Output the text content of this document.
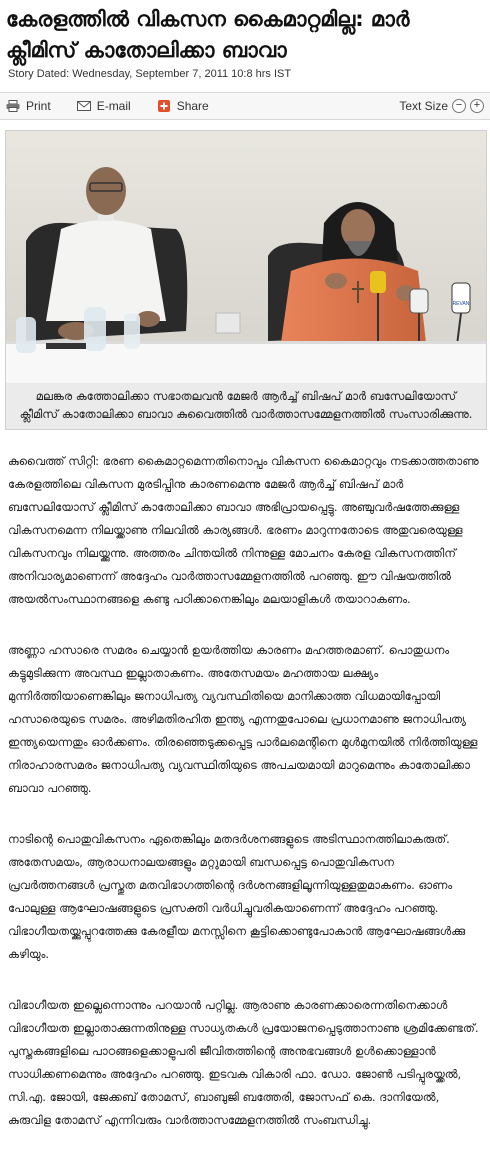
കേരളത്തിൽ വികസന കൈമാറ്റമില്ല: മാർ ക്ലീമിസ് കാതോലിക്കാ ബാവാ
Story Dated: Wednesday, September 7, 2011 10:8 hrs IST
Print	E-mail	Share	Text Size −	+
REVAN

മലങ്കര കത്തോലിക്കാ സഭാതലവൻ മേജർ ആർച്ച് ബിഷപ് മാർ ബസേലിയോസ് ക്ലീമിസ് കാതോലിക്കാ ബാവാ കുവൈത്തിൽ വാർത്താസമ്മേളനത്തിൽ സംസാരിക്കുന്നു.

കുവൈത്ത് സിറ്റി: ഭരണ കൈമാറ്റമെന്നതിനൊപ്പം വികസന കൈമാറ്റവും നടക്കാത്തതാണു കേരളത്തിലെ വികസന മുരടിപ്പിനു കാരണമെന്നു മേജർ ആർച്ച് ബിഷപ് മാർ ബസേലിയോസ് ക്ലീമിസ് കാതോലിക്കാ ബാവാ അഭിപ്രായപ്പെട്ടു. അഞ്ചുവർഷത്തേക്കുള്ള വികസനമെന്ന നിലയ്ക്കാണു നിലവിൽ കാര്യങ്ങൾ. ഭരണം മാറുന്നതോടെ അതുവരെയുള്ള വികസനവും നിലയ്ക്കുന്നു. അത്തരം ചിന്തയിൽ നിന്നുള്ള മോചനം കേരള വികസനത്തിന് അനിവാര്യമാണെന്ന് അദ്ദേഹം വാർത്താസമ്മേളനത്തിൽ പറഞ്ഞു. ഈ വിഷയത്തിൽ അയൽസംസ്ഥാനങ്ങളെ കണ്ടു പഠിക്കാനെങ്കിലും മലയാളികൾ തയാറാകണം.

അണ്ണാ ഹസാരെ സമരം ചെയ്യാൻ ഉയർത്തിയ കാരണം മഹത്തരമാണ്. പൊതുധനം കട്ടുമുടിക്കുന്ന അവസ്ഥ ഇല്ലാതാകണം. അതേസമയം മഹത്തായ ലക്ഷ്യം മുന്നിർത്തിയാണെങ്കിലും ജനാധിപത്യ വ്യവസ്ഥിതിയെ മാനിക്കാത്ത വിധമായിപ്പോയി ഹസാരെയുടെ സമരം. അഴിമതിരഹിത ഇന്ത്യ എന്നതുപോലെ പ്രധാനമാണു ജനാധിപത്യ ഇന്ത്യയെന്നതും ഓർക്കണം. തിരഞ്ഞെടുക്കപ്പെട്ട പാർലമെന്റിനെ മുൾമുനയിൽ നിർത്തിയുള്ള നിരാഹാരസമരം ജനാധിപത്യ വ്യവസ്ഥിതിയുടെ അപചയമായി മാറുമെന്നും കാതോലിക്കാ ബാവാ പറഞ്ഞു.

നാടിന്റെ പൊതുവികസനം ഏതെങ്കിലും മതദർശനങ്ങളുടെ അടിസ്ഥാനത്തിലാകരുത്. അതേസമയം, ആരാധനാലയങ്ങളും മറ്റുമായി ബന്ധപ്പെട്ട പൊതുവികസന പ്രവർത്തനങ്ങൾ പ്രസ്തുത മതവിഭാഗത്തിന്റെ ദർശനങ്ങളിലൂന്നിയുള്ളതുമാകണം. ഓണം പോലുള്ള ആഘോഷങ്ങളുടെ പ്രസക്തി വർധിച്ചുവരികയാണെന്ന് അദ്ദേഹം പറഞ്ഞു. വിഭാഗീയതയ്ക്കുപ്പുറത്തേക്കു കേരളീയ മനസ്സിനെ കൂട്ടിക്കൊണ്ടുപോകാൻ ആഘോഷങ്ങൾക്കു കഴിയും.

വിഭാഗീയത ഇല്ലെന്നൊന്നും പറയാൻ പറ്റില്ല. ആരാണു കാരണക്കാരെന്നതിനെക്കാൾ വിഭാഗീയത ഇല്ലാതാക്കുന്നതിനുള്ള സാധ്യതകൾ പ്രയോജനപ്പെടുത്താനാണു ശ്രമിക്കേണ്ടത്. പുസ്തകങ്ങളിലെ പാഠങ്ങളെക്കാളുപരി ജീവിതത്തിന്റെ അനുഭവങ്ങൾ ഉൾക്കൊള്ളാൻ സാധിക്കണമെന്നും അദ്ദേഹം പറഞ്ഞു. ഇടവക വികാരി ഫാ. ഡോ. ജോൺ പടിപ്പുരയ്ക്കൽ, സി.എ. ജോയി, ജേക്കബ് തോമസ്, ബാബുജി ബത്തേരി, ജോസഫ് കെ. ദാനിയേൽ, കുരുവിള തോമസ് എന്നിവരും വാർത്താസമ്മേളനത്തിൽ സംബന്ധിച്ചു.
